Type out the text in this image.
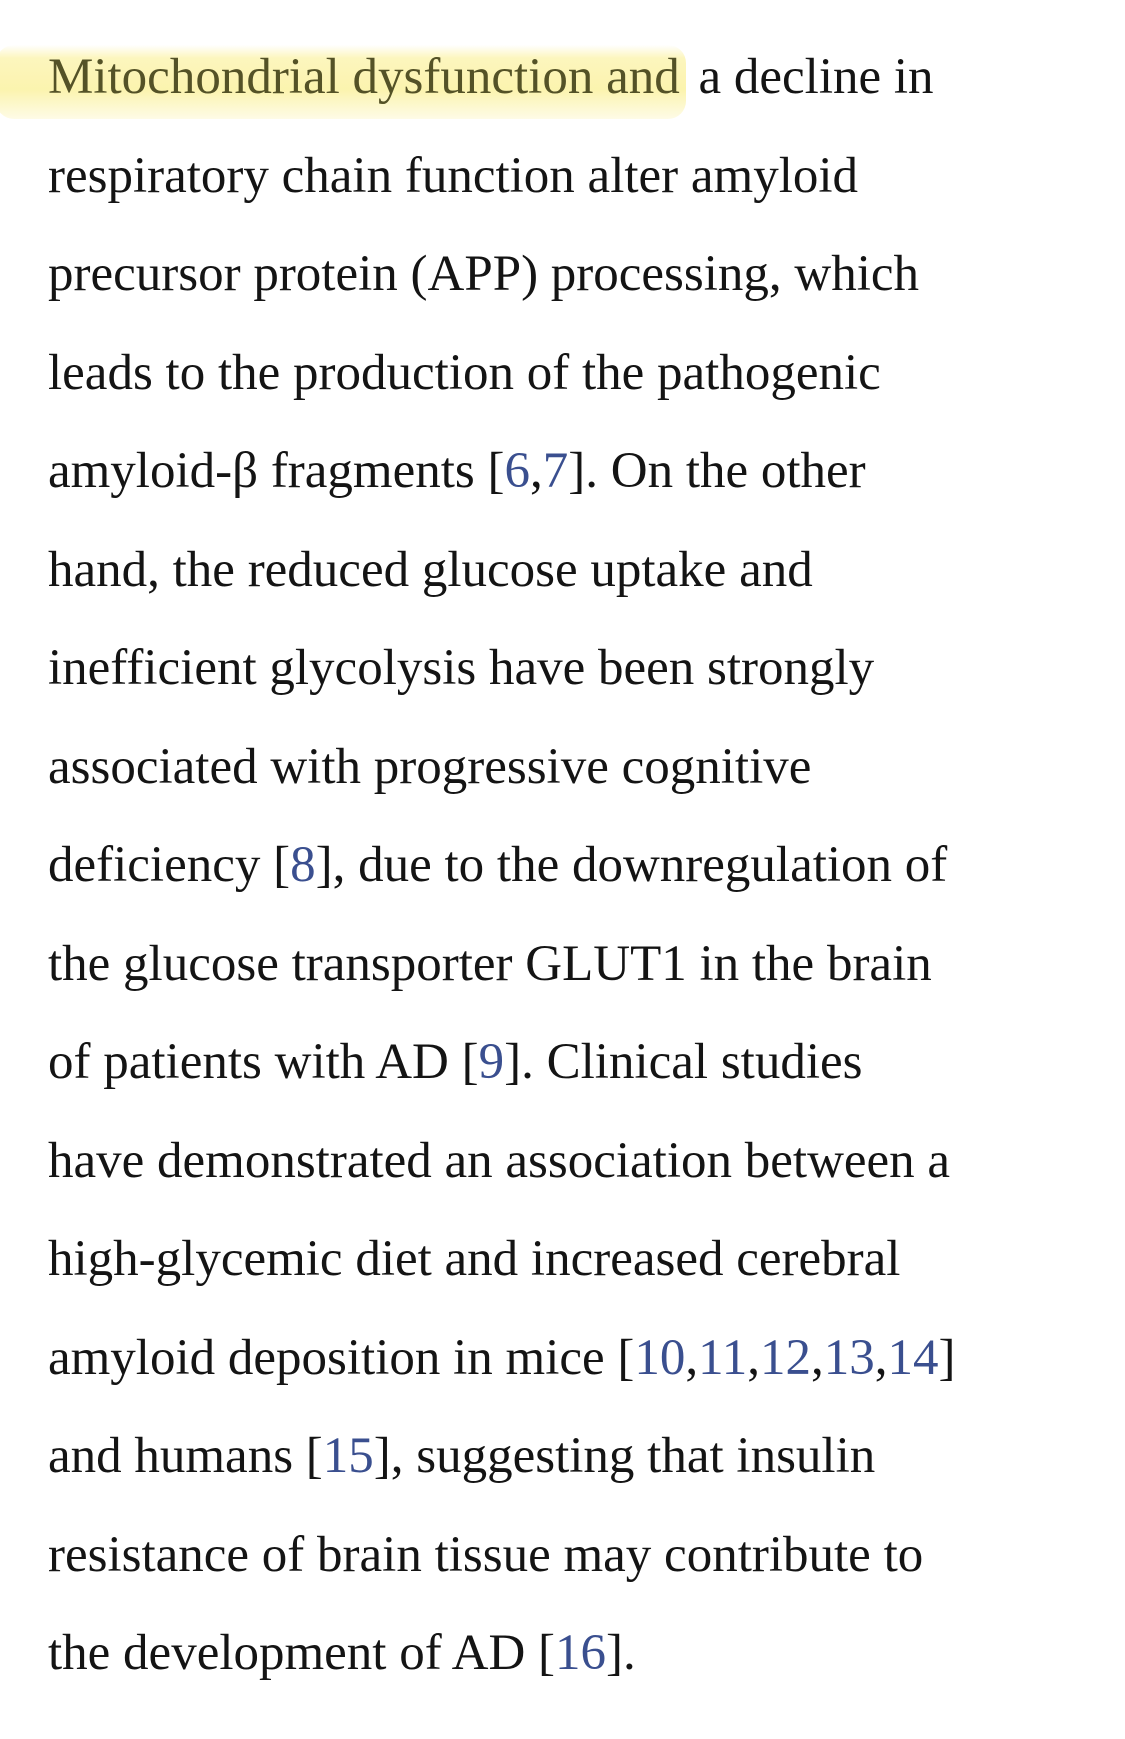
Mitochondrial dysfunction and a decline in
respiratory chain function alter amyloid
precursor protein (APP) processing, which
leads to the production of the pathogenic
amyloid-β fragments [6,7]. On the other
hand, the reduced glucose uptake and
inefficient glycolysis have been strongly
associated with progressive cognitive
deficiency [8], due to the downregulation of
the glucose transporter GLUT1 in the brain
of patients with AD [9]. Clinical studies
have demonstrated an association between a
high-glycemic diet and increased cerebral
amyloid deposition in mice [10,11,12,13,14]
and humans [15], suggesting that insulin
resistance of brain tissue may contribute to
the development of AD [16].
